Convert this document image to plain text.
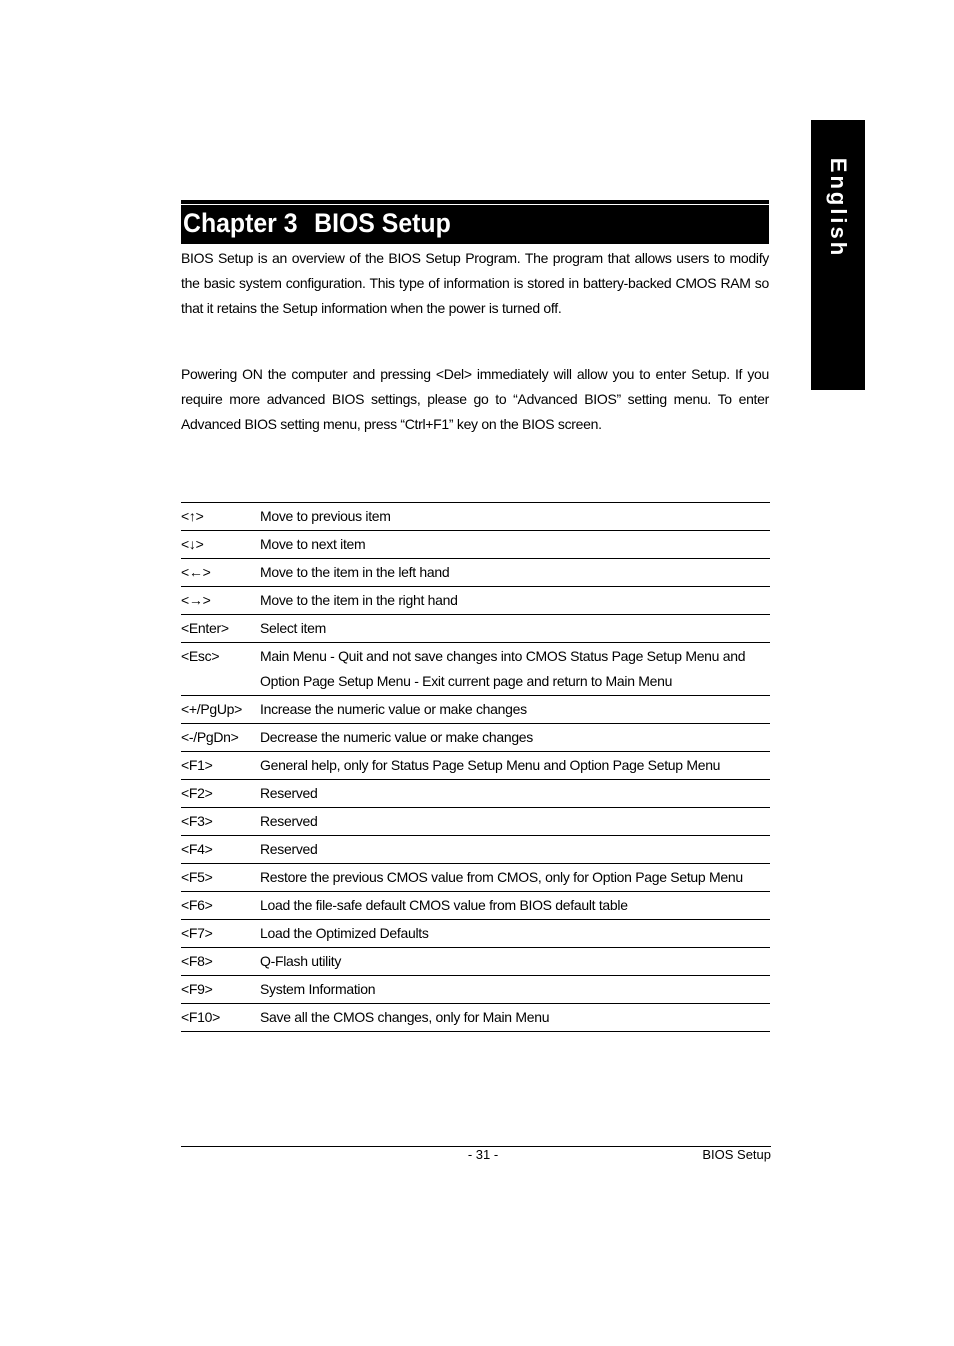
English
Chapter 3 BIOS Setup
BIOS Setup is an overview of the BIOS Setup Program. The program that allows users to modify the basic system configuration. This type of information is stored in battery-backed CMOS RAM so that it retains the Setup information when the power is turned off.
Powering ON the computer and pressing <Del> immediately will allow you to enter Setup. If you require more advanced BIOS settings, please go to “Advanced BIOS” setting menu. To enter Advanced BIOS setting menu, press “Ctrl+F1” key on the BIOS screen.
<↑>	Move to previous item
<↓>	Move to next item
<←>	Move to the item in the left hand
<→>	Move to the item in the right hand
<Enter>	Select item
<Esc>	Main Menu - Quit and not save changes into CMOS Status Page Setup Menu and Option Page Setup Menu - Exit current page and return to Main Menu
<+/PgUp>	Increase the numeric value or make changes
<-/PgDn>	Decrease the numeric value or make changes
<F1>	General help, only for Status Page Setup Menu and Option Page Setup Menu
<F2>	Reserved
<F3>	Reserved
<F4>	Reserved
<F5>	Restore the previous CMOS value from CMOS, only for Option Page Setup Menu
<F6>	Load the file-safe default CMOS value from BIOS default table
<F7>	Load the Optimized Defaults
<F8>	Q-Flash utility
<F9>	System Information
<F10>	Save all the CMOS changes, only for Main Menu
- 31 -	BIOS Setup
